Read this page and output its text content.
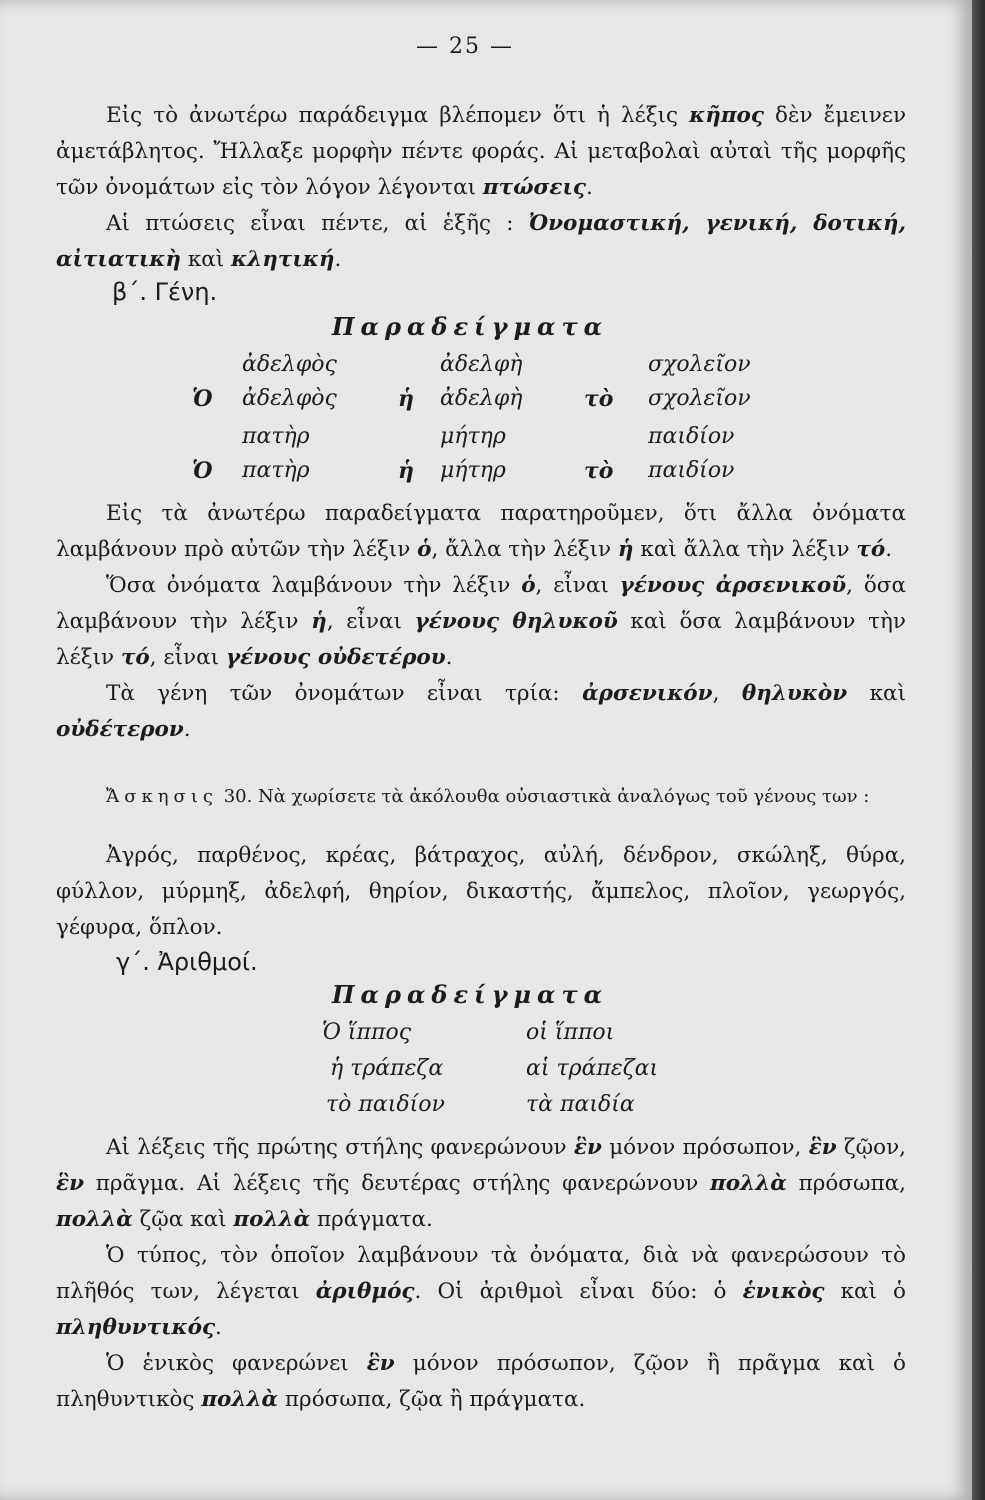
— 25 —

Εἰς τὸ ἀνωτέρω παράδειγμα βλέπομεν ὅτι ἡ λέξις κῆπος δὲν ἔμεινεν ἀμετάβλητος. Ἤλλαξε μορφὴν πέντε φοράς. Αἱ μεταβολαὶ αὐταὶ τῆς μορφῆς τῶν ὀνομάτων εἰς τὸν λόγον λέγονται πτώσεις.

Αἱ πτώσεις εἶναι πέντε, αἱ ἑξῆς : Ὀνομαστική, γενική, δοτική, αἰτιατικὴ καὶ κλητική.

β΄. Γένη.
Παραδείγματα
ἀδελφὸς	ἀδελφὴ	σχολεῖον
Ὁ ἀδελφὸς	ἡ ἀδελφὴ	τὸ σχολεῖον
πατὴρ	μήτηρ	παιδίον
Ὁ πατὴρ	ἡ μήτηρ	τὸ παιδίον

Εἰς τὰ ἀνωτέρω παραδείγματα παρατηροῦμεν, ὅτι ἄλλα ὀνόματα λαμβάνουν πρὸ αὐτῶν τὴν λέξιν ὁ, ἄλλα τὴν λέξιν ἡ καὶ ἄλλα τὴν λέξιν τό.

Ὅσα ὀνόματα λαμβάνουν τὴν λέξιν ὁ, εἶναι γένους ἀρσενικοῦ, ὅσα λαμβάνουν τὴν λέξιν ἡ, εἶναι γένους θηλυκοῦ καὶ ὅσα λαμβάνουν τὴν λέξιν τό, εἶναι γένους οὐδετέρου.

Τὰ γένη τῶν ὀνομάτων εἶναι τρία: ἀρσενικόν, θηλυκὸν καὶ οὐδέτερον.

Ἄσκησις 30. Νὰ χωρίσετε τὰ ἀκόλουθα οὐσιαστικὰ ἀναλόγως τοῦ γένους των :

Ἀγρός, παρθένος, κρέας, βάτραχος, αὐλή, δένδρον, σκώληξ, θύρα, φύλλον, μύρμηξ, ἀδελφή, θηρίον, δικαστής, ἄμπελος, πλοῖον, γεωργός, γέφυρα, ὅπλον.

γ΄. Ἀριθμοί.
Παραδείγματα
Ὁ ἵππος	οἱ ἵπποι
ἡ τράπεζα	αἱ τράπεζαι
τὸ παιδίον	τὰ παιδία

Αἱ λέξεις τῆς πρώτης στήλης φανερώνουν ἓν μόνον πρόσωπον, ἓν ζῷον, ἓν πρᾶγμα. Αἱ λέξεις τῆς δευτέρας στήλης φανερώνουν πολλὰ πρόσωπα, πολλὰ ζῷα καὶ πολλὰ πράγματα.

Ὁ τύπος, τὸν ὁποῖον λαμβάνουν τὰ ὀνόματα, διὰ νὰ φανερώσουν τὸ πλῆθός των, λέγεται ἀριθμός. Οἱ ἀριθμοὶ εἶναι δύο: ὁ ἑνικὸς καὶ ὁ πληθυντικός.

Ὁ ἑνικὸς φανερώνει ἓν μόνον πρόσωπον, ζῷον ἢ πρᾶγμα καὶ ὁ πληθυντικὸς πολλὰ πρόσωπα, ζῷα ἢ πράγματα.
